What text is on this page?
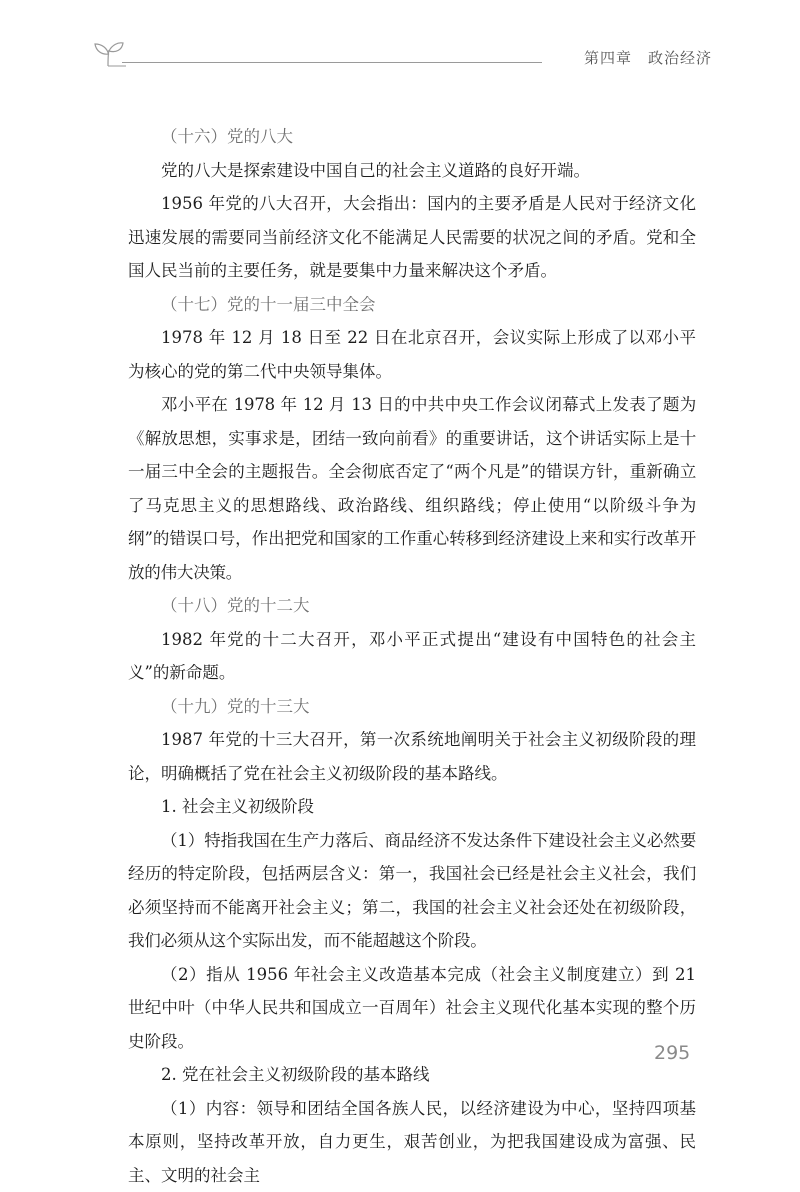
第四章　政治经济

（十六）党的八大

党的八大是探索建设中国自己的社会主义道路的良好开端。

1956 年党的八大召开，大会指出：国内的主要矛盾是人民对于经济文化迅速发展的需要同当前经济文化不能满足人民需要的状况之间的矛盾。党和全国人民当前的主要任务，就是要集中力量来解决这个矛盾。

（十七）党的十一届三中全会

1978 年 12 月 18 日至 22 日在北京召开，会议实际上形成了以邓小平为核心的党的第二代中央领导集体。

邓小平在 1978 年 12 月 13 日的中共中央工作会议闭幕式上发表了题为《解放思想，实事求是，团结一致向前看》的重要讲话，这个讲话实际上是十一届三中全会的主题报告。全会彻底否定了“两个凡是”的错误方针，重新确立了马克思主义的思想路线、政治路线、组织路线；停止使用“以阶级斗争为纲”的错误口号，作出把党和国家的工作重心转移到经济建设上来和实行改革开放的伟大决策。

（十八）党的十二大

1982 年党的十二大召开，邓小平正式提出“建设有中国特色的社会主义”的新命题。

（十九）党的十三大

1987 年党的十三大召开，第一次系统地阐明关于社会主义初级阶段的理论，明确概括了党在社会主义初级阶段的基本路线。

1. 社会主义初级阶段

（1）特指我国在生产力落后、商品经济不发达条件下建设社会主义必然要经历的特定阶段，包括两层含义：第一，我国社会已经是社会主义社会，我们必须坚持而不能离开社会主义；第二，我国的社会主义社会还处在初级阶段，我们必须从这个实际出发，而不能超越这个阶段。

（2）指从 1956 年社会主义改造基本完成（社会主义制度建立）到 21 世纪中叶（中华人民共和国成立一百周年）社会主义现代化基本实现的整个历史阶段。

2. 党在社会主义初级阶段的基本路线

（1）内容：领导和团结全国各族人民，以经济建设为中心，坚持四项基本原则，坚持改革开放，自力更生，艰苦创业，为把我国建设成为富强、民主、文明的社会主

295
